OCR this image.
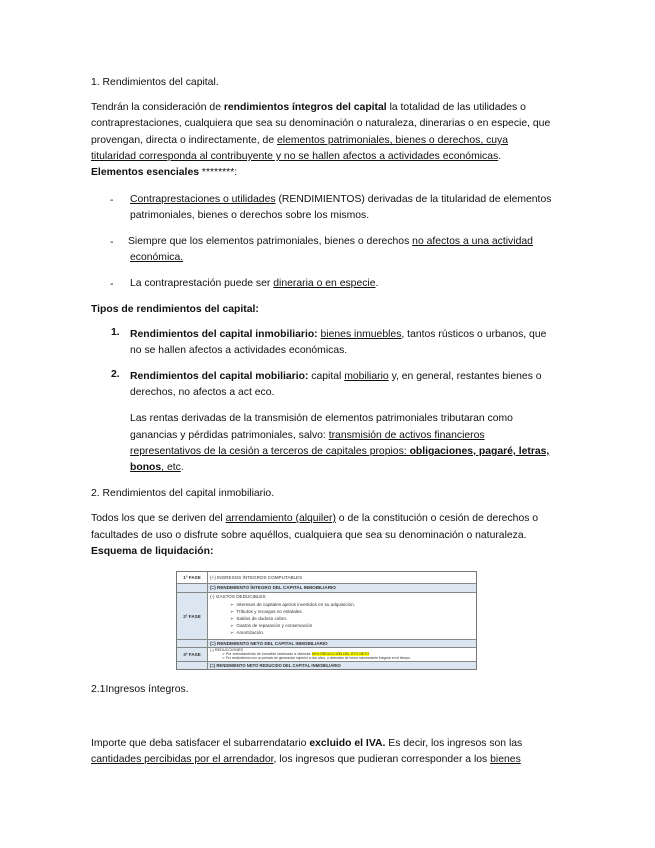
1. Rendimientos del capital.
Tendrán la consideración de rendimientos íntegros del capital la totalidad de las utilidades o
contraprestaciones, cualquiera que sea su denominación o naturaleza, dinerarias o en especie, que
provengan, directa o indirectamente, de elementos patrimoniales, bienes o derechos, cuya
titularidad corresponda al contribuyente y no se hallen afectos a actividades económicas.
Elementos esenciales ********:
- Contraprestaciones o utilidades (RENDIMIENTOS) derivadas de la titularidad de elementos
patrimoniales, bienes o derechos sobre los mismos.
- Siempre que los elementos patrimoniales, bienes o derechos no afectos a una actividad
económica.
- La contraprestación puede ser dineraria o en especie.
Tipos de rendimientos del capital:
1. Rendimientos del capital inmobiliario: bienes inmuebles, tantos rústicos o urbanos, que
no se hallen afectos a actividades económicas.
2. Rendimientos del capital mobiliario: capital mobiliario y, en general, restantes bienes o
derechos, no afectos a act eco.
Las rentas derivadas de la transmisión de elementos patrimoniales tributaran como
ganancias y pérdidas patrimoniales, salvo: transmisión de activos financieros
representativos de la cesión a terceros de capitales propios: obligaciones, pagaré, letras,
bonos, etc.
2. Rendimientos del capital inmobiliario.
Todos los que se deriven del arrendamiento (alquiler) o de la constitución o cesión de derechos o
facultades de uso o disfrute sobre aquéllos, cualquiera que sea su denominación o naturaleza.
Esquema de liquidación:
1ª FASE	(+) INGRESOS ÍNTEGROS COMPUTABLES
(=) RENDIMIENTO ÍNTEGRO DEL CAPITAL INMOBILIARIO
2ª FASE
(-) GASTOS DEDUCIBLES
➢ Intereses de capitales ajenos invertidos en su adquisición.
➢ Tributos y recargos no estatales.
➢ Saldos de dudoso cobro.
➢ Gastos de reparación y conservación
➢ Amortización.
(=) RENDIMIENTO NETO DEL CAPITAL INMOBILIARIO
3ª FASE
(-) REDUCCIONES
➢ Por arrendamiento de inmueble destinado a vivienda: 60% REDUCCIÓN DEL RTO NETO
➢ Por rendimientos con un periodo de generación superior a dos años, u obtenidos de forma notoriamente irregular en el tiempo.
(=) RENDIMIENTO NETO REDUCIDO DEL CAPITAL INMOBILIARIO
2.1Ingresos íntegros.
Importe que deba satisfacer el subarrendatario excluido el IVA. Es decir, los ingresos son las
cantidades percibidas por el arrendador, los ingresos que pudieran corresponder a los bienes
